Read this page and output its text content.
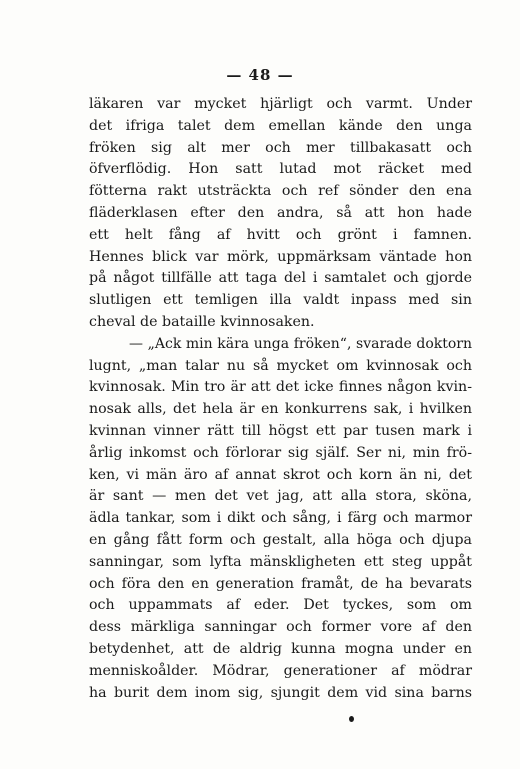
— 48 —
läkaren var mycket hjärligt och varmt. Under
det ifriga talet dem emellan kände den unga
fröken sig alt mer och mer tillbakasatt och
öfverflödig. Hon satt lutad mot räcket med
fötterna rakt utsträckta och ref sönder den ena
fläderklasen efter den andra, så att hon hade
ett helt fång af hvitt och grönt i famnen.
Hennes blick var mörk, uppmärksam väntade hon
på något tillfälle att taga del i samtalet och gjorde
slutligen ett temligen illa valdt inpass med sin
cheval de bataille kvinnosaken.
— „Ack min kära unga fröken“, svarade doktorn
lugnt, „man talar nu så mycket om kvinnosak och
kvinnosak. Min tro är att det icke finnes någon kvin-
nosak alls, det hela är en konkurrens sak, i hvilken
kvinnan vinner rätt till högst ett par tusen mark i
årlig inkomst och förlorar sig själf. Ser ni, min frö-
ken, vi män äro af annat skrot och korn än ni, det
är sant — men det vet jag, att alla stora, sköna,
ädla tankar, som i dikt och sång, i färg och marmor
en gång fått form och gestalt, alla höga och djupa
sanningar, som lyfta mänskligheten ett steg uppåt
och föra den en generation framåt, de ha bevarats
och uppammats af eder. Det tyckes, som om
dess märkliga sanningar och former vore af den
betydenhet, att de aldrig kunna mogna under en
menniskoålder. Mödrar, generationer af mödrar
ha burit dem inom sig, sjungit dem vid sina barns
